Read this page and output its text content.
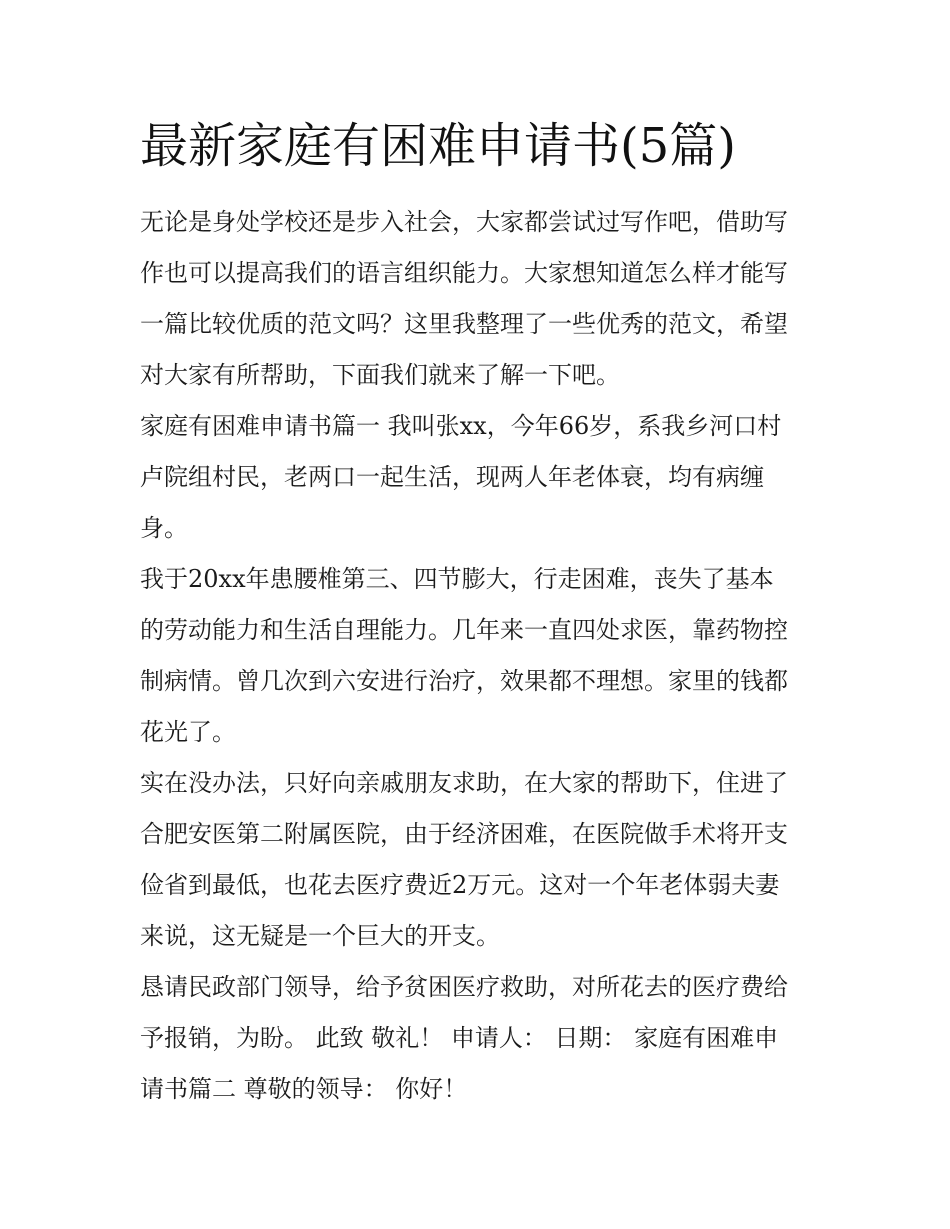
最新家庭有困难申请书(5篇)
无论是身处学校还是步入社会，大家都尝试过写作吧，借助写
作也可以提高我们的语言组织能力。大家想知道怎么样才能写
一篇比较优质的范文吗？这里我整理了一些优秀的范文，希望
对大家有所帮助，下面我们就来了解一下吧。
家庭有困难申请书篇一 我叫张xx，今年66岁，系我乡河口村
卢院组村民，老两口一起生活，现两人年老体衰，均有病缠
身。
我于20xx年患腰椎第三、四节膨大，行走困难，丧失了基本
的劳动能力和生活自理能力。几年来一直四处求医，靠药物控
制病情。曾几次到六安进行治疗，效果都不理想。家里的钱都
花光了。
实在没办法，只好向亲戚朋友求助，在大家的帮助下，住进了
合肥安医第二附属医院，由于经济困难，在医院做手术将开支
俭省到最低，也花去医疗费近2万元。这对一个年老体弱夫妻
来说，这无疑是一个巨大的开支。
恳请民政部门领导，给予贫困医疗救助，对所花去的医疗费给
予报销，为盼。 此致 敬礼！ 申请人： 日期： 家庭有困难申
请书篇二 尊敬的领导： 你好！
